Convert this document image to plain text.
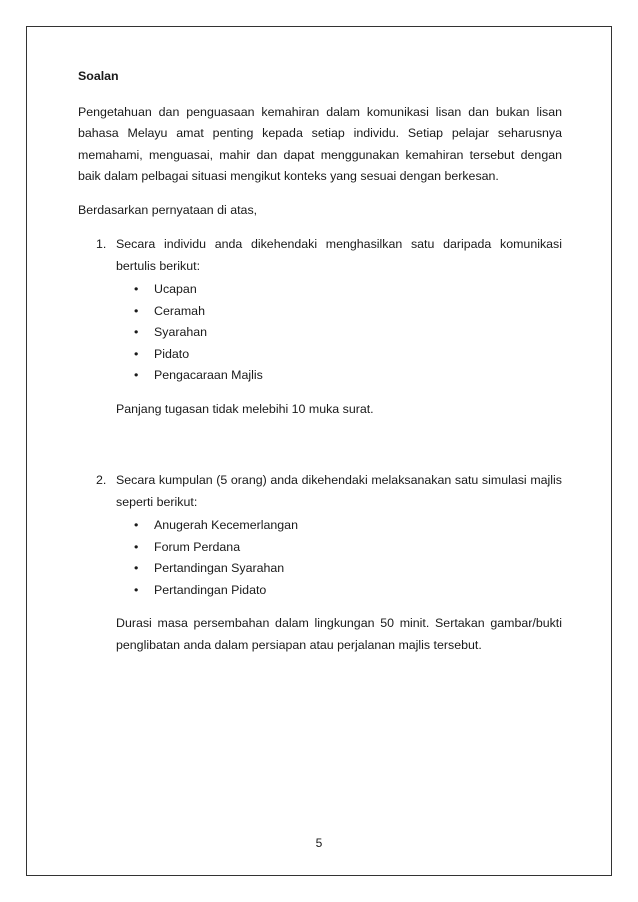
Soalan

Pengetahuan dan penguasaan kemahiran dalam komunikasi lisan dan bukan lisan bahasa Melayu amat penting kepada setiap individu. Setiap pelajar seharusnya memahami, menguasai, mahir dan dapat menggunakan kemahiran tersebut dengan baik dalam pelbagai situasi mengikut konteks yang sesuai dengan berkesan.

Berdasarkan pernyataan di atas,

1. Secara individu anda dikehendaki menghasilkan satu daripada komunikasi bertulis berikut:

• Ucapan
• Ceramah
• Syarahan
• Pidato
• Pengacaraan Majlis

Panjang tugasan tidak melebihi 10 muka surat.

2. Secara kumpulan (5 orang) anda dikehendaki melaksanakan satu simulasi majlis seperti berikut:

• Anugerah Kecemerlangan
• Forum Perdana
• Pertandingan Syarahan
• Pertandingan Pidato

Durasi masa persembahan dalam lingkungan 50 minit. Sertakan gambar/bukti penglibatan anda dalam persiapan atau perjalanan majlis tersebut.

5
